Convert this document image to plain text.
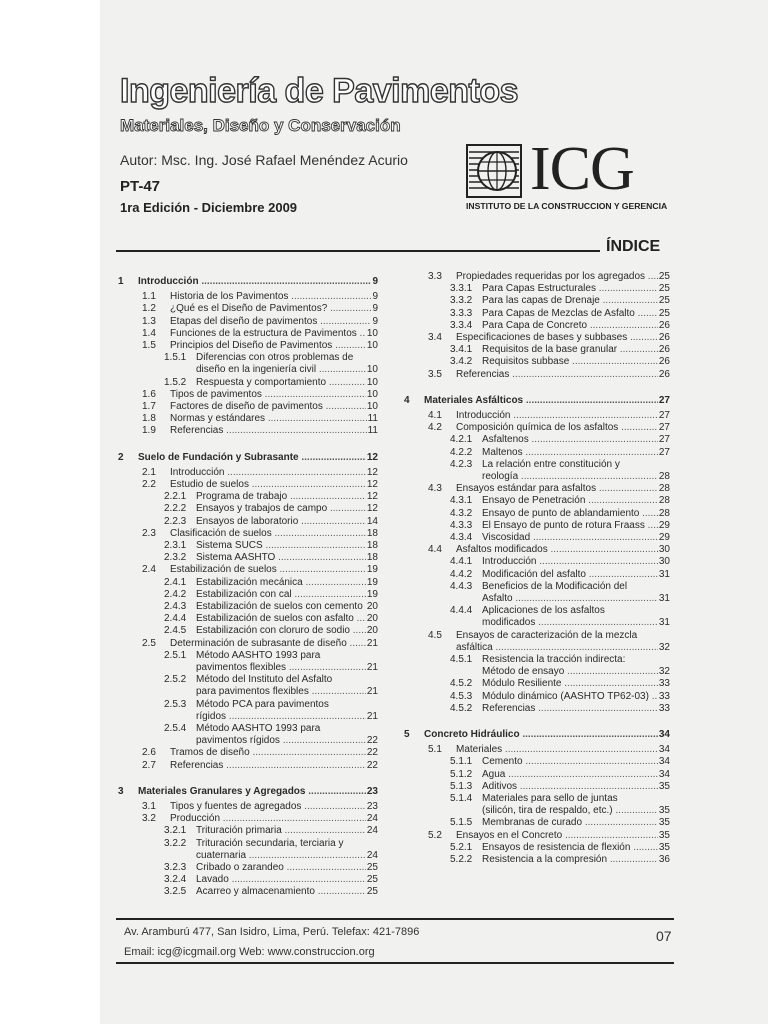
Ingeniería de Pavimentos
Materiales, Diseño y Conservación
Autor: Msc. Ing. José Rafael Menéndez Acurio
PT-47
1ra Edición - Diciembre 2009
ICG
INSTITUTO DE LA CONSTRUCCION Y GERENCIA
ÍNDICE
1	Introducción .....	9
1.1	Historia de los Pavimentos .....	9
1.2	¿Qué es el Diseño de Pavimentos? .....	9
1.3	Etapas del diseño de pavimentos .....	9
1.4	Funciones de la estructura de Pavimentos .....	10
1.5	Principios del Diseño de Pavimentos .....	10
1.5.1 Diferencias con otros problemas de
diseño en la ingeniería civil .....	10
1.5.2 Respuesta y comportamiento .....	10
1.6	Tipos de pavimentos .....	10
1.7	Factores de diseño de pavimentos .....	10
1.8	Normas y estándares .....	11
1.9	Referencias .....	11
2	Suelo de Fundación y Subrasante .....	12
2.1	Introducción .....	12
2.2	Estudio de suelos .....	12
2.2.1 Programa de trabajo .....	12
2.2.2 Ensayos y trabajos de campo .....	12
2.2.3 Ensayos de laboratorio .....	14
2.3	Clasificación de suelos .....	18
2.3.1 Sistema SUCS .....	18
2.3.2 Sistema AASHTO .....	18
2.4	Estabilización de suelos .....	19
2.4.1 Estabilización mecánica .....	19
2.4.2 Estabilización con cal .....	19
2.4.3 Estabilización de suelos con cemento ..... 20
2.4.4 Estabilización de suelos con asfalto .....	20
2.4.5 Estabilización con cloruro de sodio .....	20
2.5	Determinación de subrasante de diseño .....	21
2.5.1 Método AASHTO 1993 para
pavimentos flexibles .....	21
2.5.2 Método del Instituto del Asfalto
para pavimentos flexibles .....	21
2.5.3 Método PCA para pavimentos
rígidos .....	21
2.5.4 Método AASHTO 1993 para
pavimentos rígidos .....	22
2.6	Tramos de diseño .....	22
2.7	Referencias .....	22
3	Materiales Granulares y Agregados .....	23
3.1	Tipos y fuentes de agregados .....	23
3.2	Producción .....	24
3.2.1 Trituración primaria .....	24
3.2.2 Trituración secundaria, terciaria y
cuaternaria .....	24
3.2.3 Cribado o zarandeo .....	25
3.2.4 Lavado .....	25
3.2.5 Acarreo y almacenamiento .....	25
3.3	Propiedades requeridas por los agregados .....	25
3.3.1 Para Capas Estructurales .....	25
3.3.2 Para las capas de Drenaje .....	25
3.3.3 Para Capas de Mezclas de Asfalto .....	25
3.3.4 Para Capa de Concreto .....	26
3.4	Especificaciones de bases y subbases .....	26
3.4.1 Requisitos de la base granular .....	26
3.4.2 Requisitos subbase .....	26
3.5	Referencias .....	26
4	Materiales Asfálticos .....	27
4.1	Introducción .....	27
4.2	Composición química de los asfaltos .....	27
4.2.1 Asfaltenos .....	27
4.2.2 Maltenos .....	27
4.2.3 La relación entre constitución y
reología .....	28
4.3	Ensayos estándar para asfaltos .....	28
4.3.1 Ensayo de Penetración .....	28
4.3.2 Ensayo de punto de ablandamiento .....	28
4.3.3 El Ensayo de punto de rotura Fraass .....	29
4.3.4 Viscosidad .....	29
4.4	Asfaltos modificados .....	30
4.4.1 Introducción .....	30
4.4.2 Modificación del asfalto .....	31
4.4.3 Beneficios de la Modificación del
Asfalto .....	31
4.4.4 Aplicaciones de los asfaltos
modificados .....	31
4.5	Ensayos de caracterización de la mezcla
asfáltica .....	32
4.5.1 Resistencia la tracción indirecta:
Método de ensayo .....	32
4.5.2 Módulo Resiliente .....	33
4.5.3 Módulo dinámico (AASHTO TP62-03) ..... 33
4.5.2 Referencias .....	33
5	Concreto Hidráulico .....	34
5.1	Materiales .....	34
5.1.1 Cemento .....	34
5.1.2 Agua .....	34
5.1.3 Aditivos .....	35
5.1.4 Materiales para sello de juntas
(silicón, tira de respaldo, etc.) .....	35
5.1.5 Membranas de curado .....	35
5.2	Ensayos en el Concreto .....	35
5.2.1 Ensayos de resistencia de flexión .....	35
5.2.2 Resistencia a la compresión .....	36
Av. Aramburú 477, San Isidro, Lima, Perú. Telefax: 421-7896
Email: icg@icgmail.org Web: www.construccion.org
07
